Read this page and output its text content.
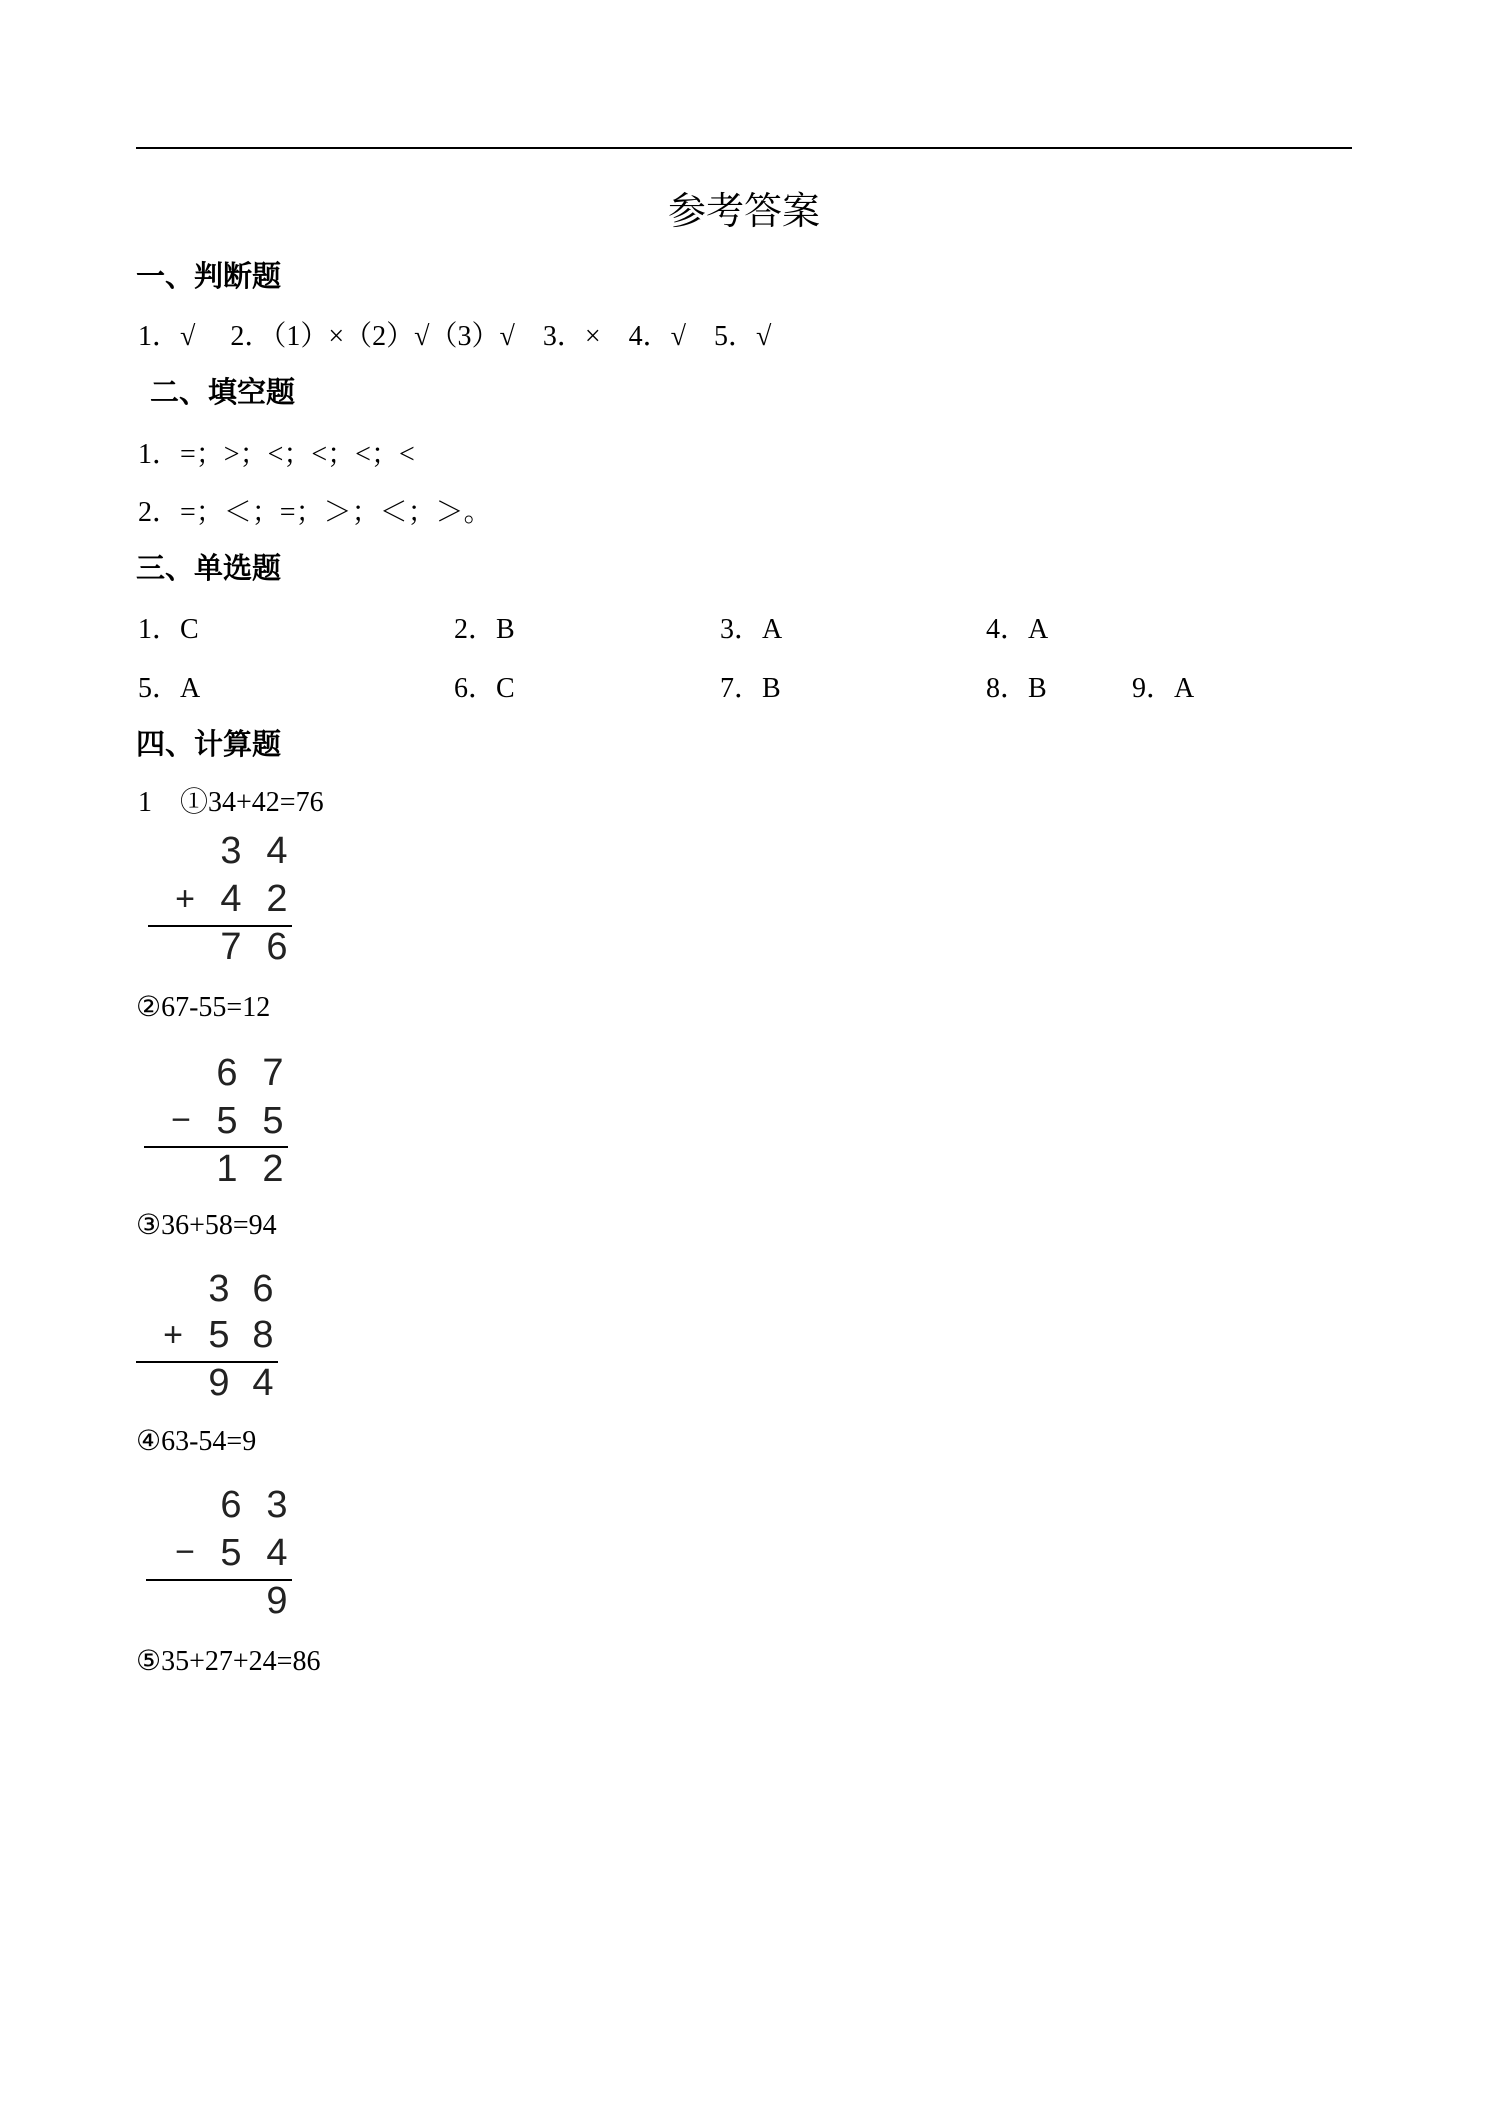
参考答案
一、判断题
1．√　 2．（1）×（2）√（3）√　3．×　4．√　5．√
二、填空题
1．=；>；<；<；<；<
2．=；＜；=；＞；＜；＞。
三、单选题
1．C	2．B	3．A	4．A
5．A	6．C	7．B	8．B	9．A
四、计算题
1　①34+42=76
3 4
+ 4 2
7 6
②67-55=12
6 7
− 5 5
1 2
③36+58=94
3 6
+ 5 8
9 4
④63-54=9
6 3
− 5 4
9
⑤35+27+24=86
